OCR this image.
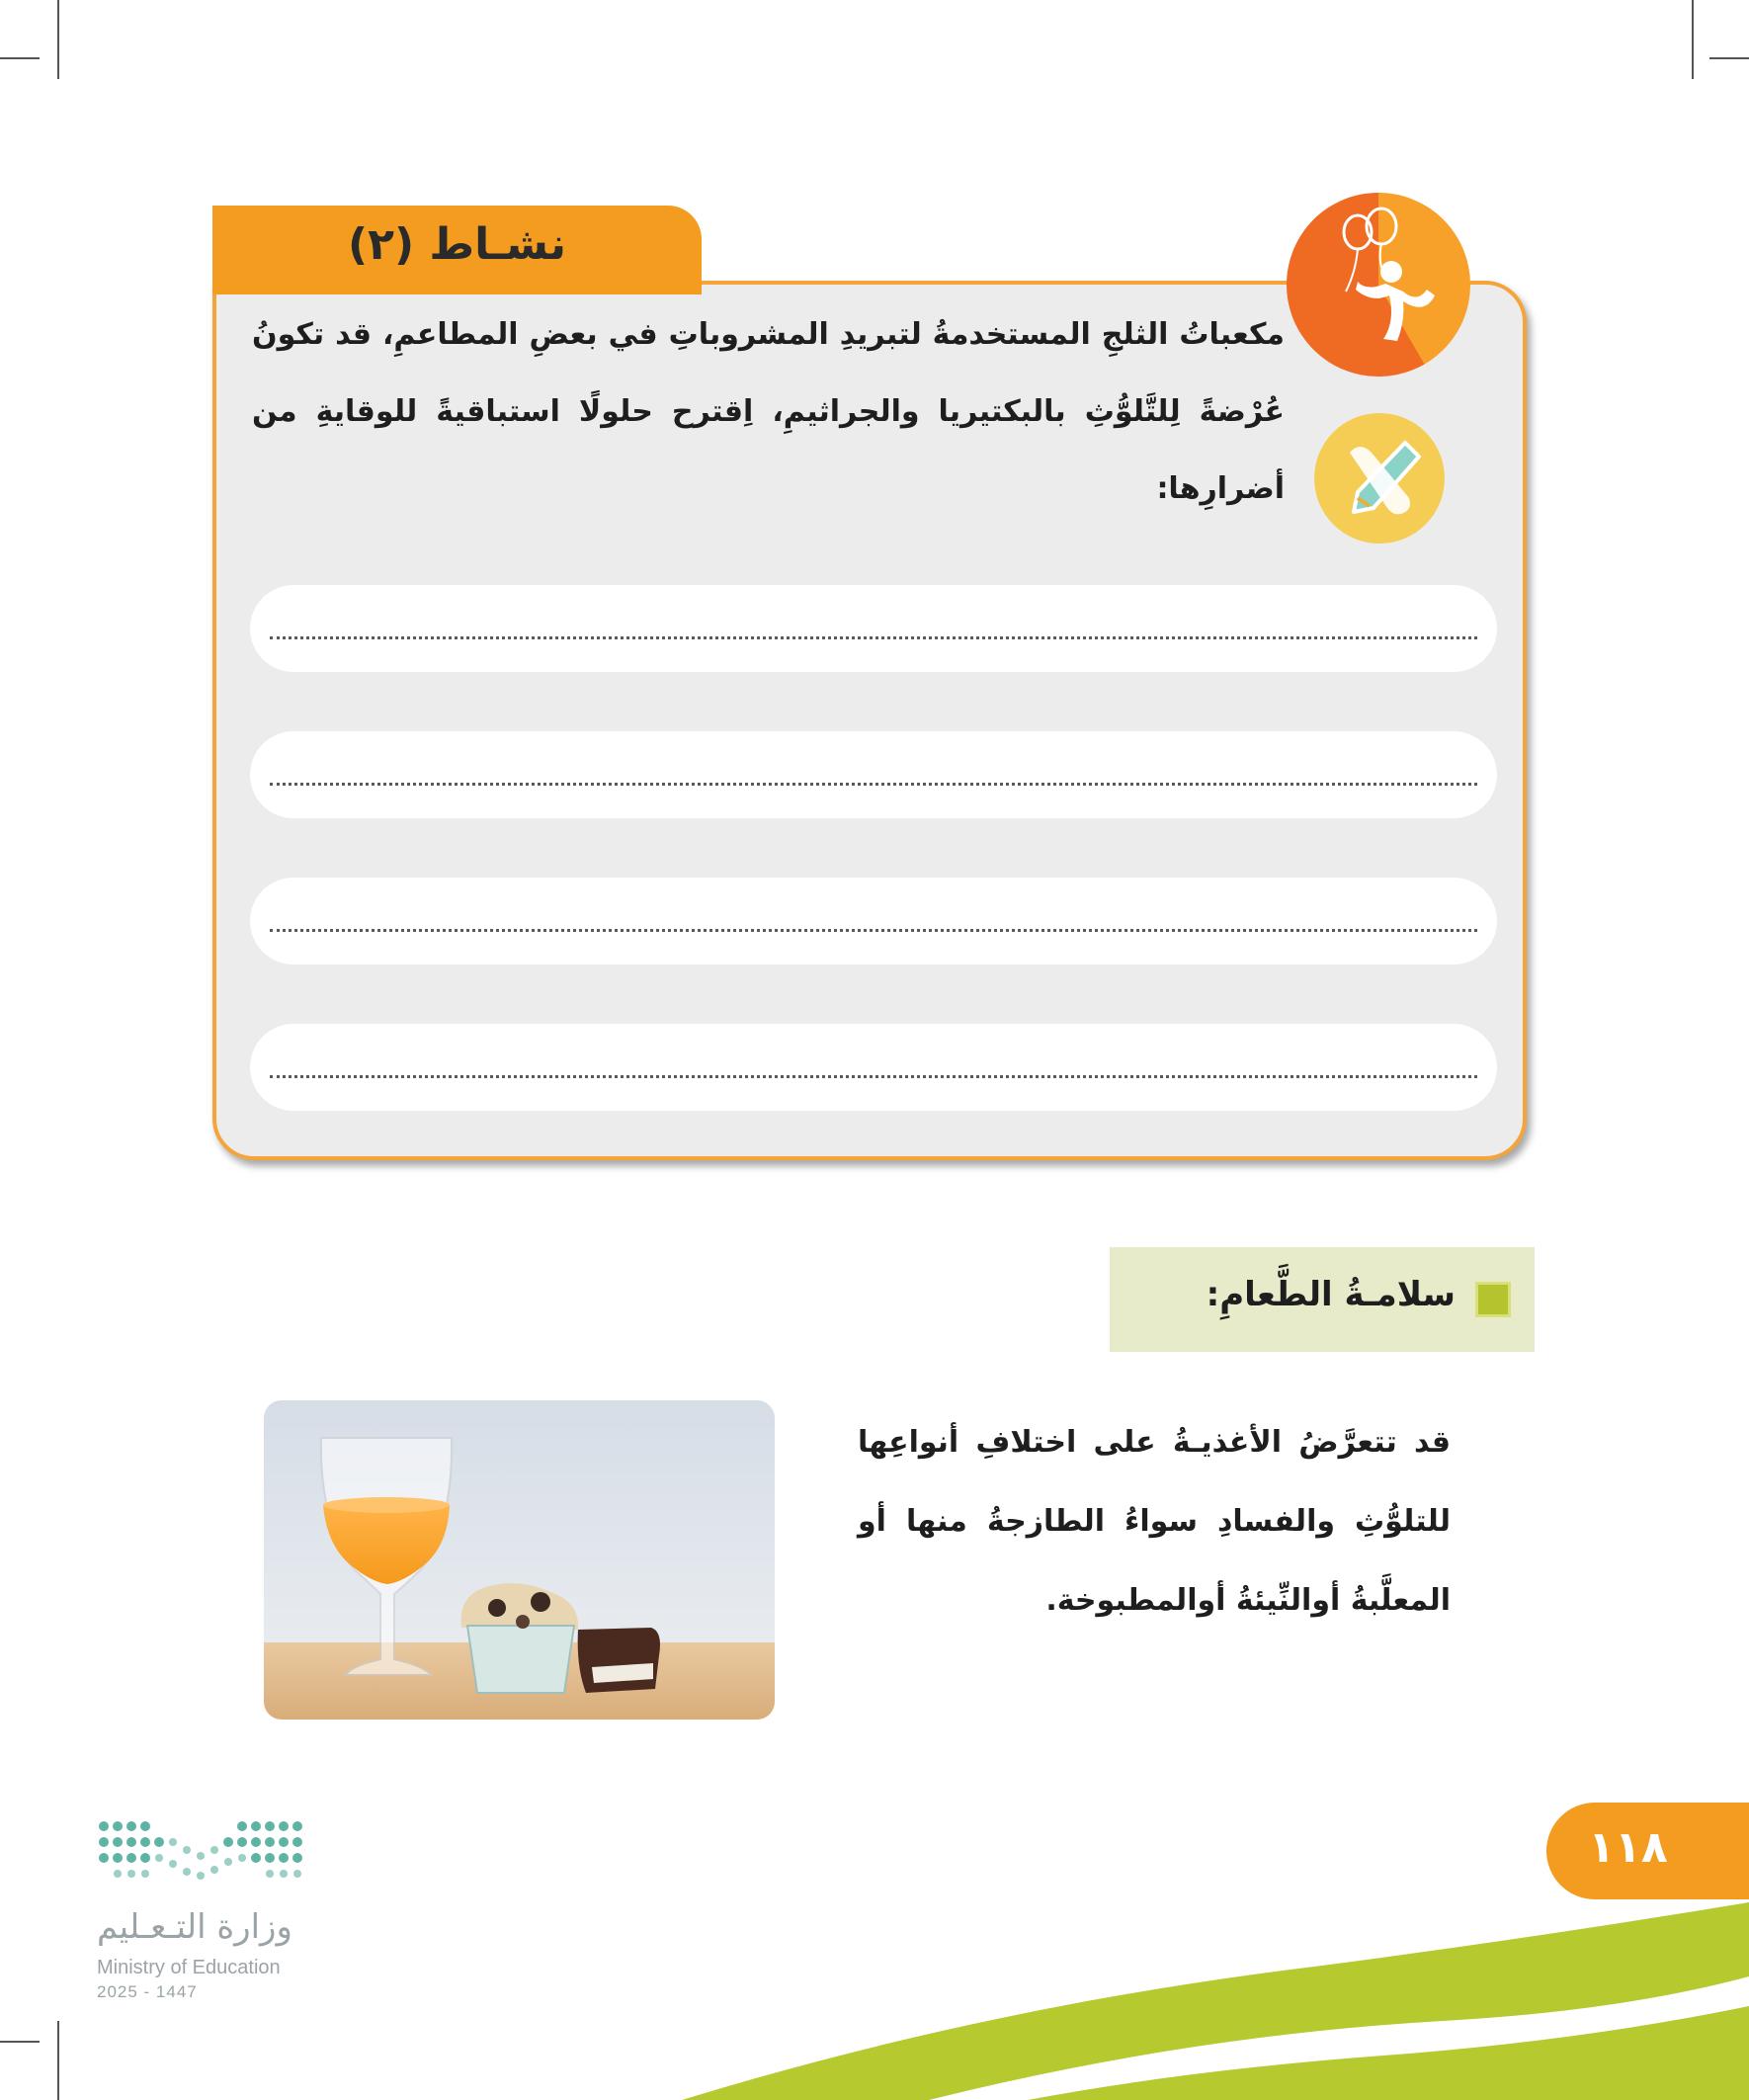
نشـاط (٢)
مكعباتُ الثلجِ المستخدمةُ لتبريدِ المشروباتِ في بعضِ المطاعمِ، قد تكونُ عُرْضةً لِلتَّلوُّثِ بالبكتيريا والجراثيمِ، اِقترح حلولًا استباقيةً للوقايةِ من أضرارِها:
سلامـةُ الطَّعامِ:
قد تتعرَّضُ الأغذيـةُ على اختلافِ أنواعِها للتلوُّثِ والفسادِ سواءُ الطازجةُ منها أو المعلَّبةُ أوالنِّيئةُ أوالمطبوخة.
١١٨
وزارة التـعـليم
Ministry of Education
2025 - 1447
